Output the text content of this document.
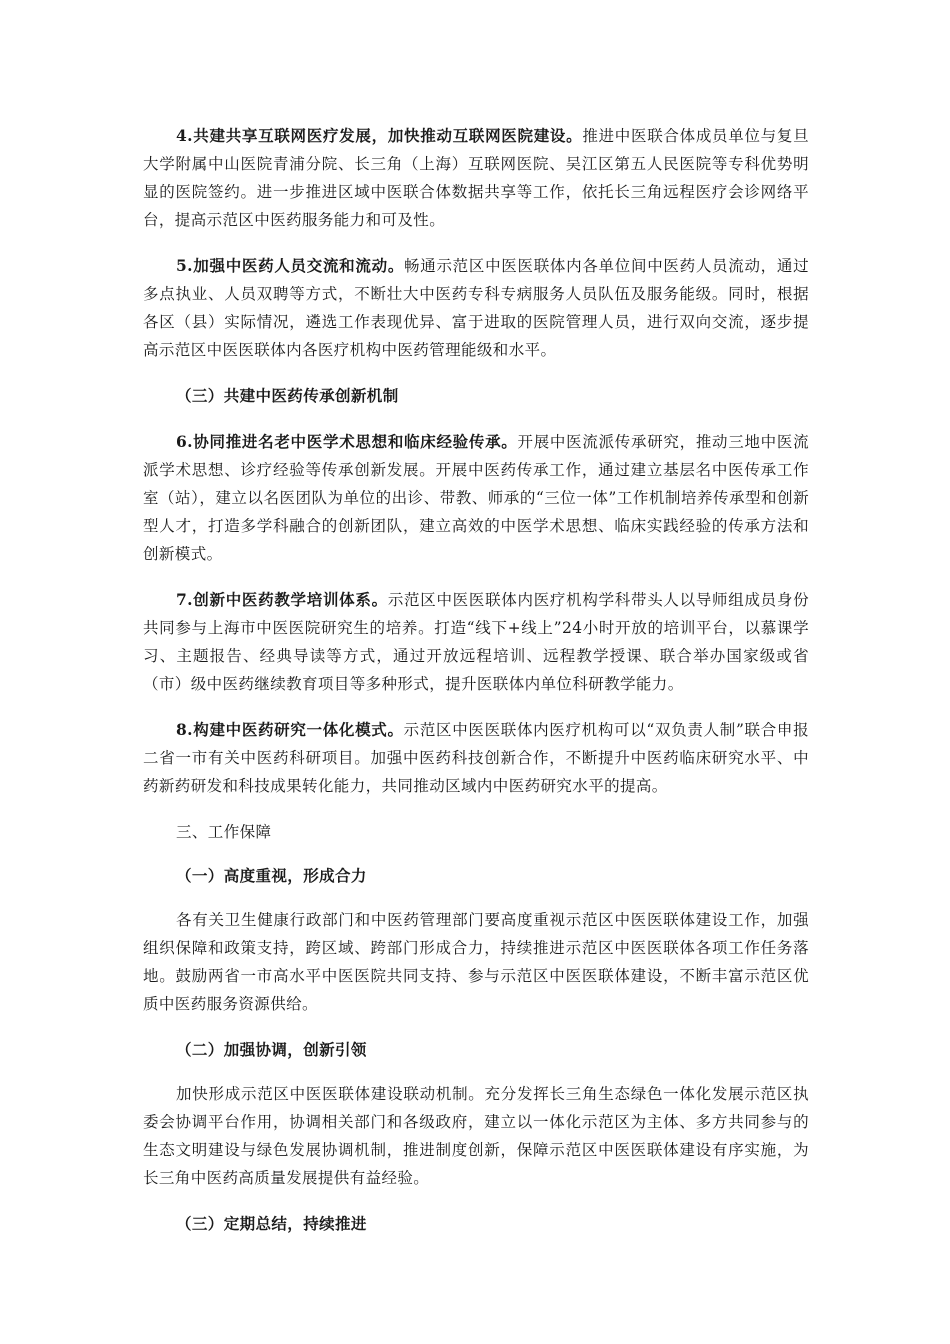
4.共建共享互联网医疗发展，加快推动互联网医院建设。推进中医联合体成员单位与复旦大学附属中山医院青浦分院、长三角（上海）互联网医院、吴江区第五人民医院等专科优势明显的医院签约。进一步推进区域中医联合体数据共享等工作，依托长三角远程医疗会诊网络平台，提高示范区中医药服务能力和可及性。

5.加强中医药人员交流和流动。畅通示范区中医医联体内各单位间中医药人员流动，通过多点执业、人员双聘等方式，不断壮大中医药专科专病服务人员队伍及服务能级。同时，根据各区（县）实际情况，遴选工作表现优异、富于进取的医院管理人员，进行双向交流，逐步提高示范区中医医联体内各医疗机构中医药管理能级和水平。

（三）共建中医药传承创新机制

6.协同推进名老中医学术思想和临床经验传承。开展中医流派传承研究，推动三地中医流派学术思想、诊疗经验等传承创新发展。开展中医药传承工作，通过建立基层名中医传承工作室（站），建立以名医团队为单位的出诊、带教、师承的“三位一体”工作机制培养传承型和创新型人才，打造多学科融合的创新团队，建立高效的中医学术思想、临床实践经验的传承方法和创新模式。

7.创新中医药教学培训体系。示范区中医医联体内医疗机构学科带头人以导师组成员身份共同参与上海市中医医院研究生的培养。打造“线下+线上”24小时开放的培训平台，以慕课学习、主题报告、经典导读等方式，通过开放远程培训、远程教学授课、联合举办国家级或省（市）级中医药继续教育项目等多种形式，提升医联体内单位科研教学能力。

8.构建中医药研究一体化模式。示范区中医医联体内医疗机构可以“双负责人制”联合申报二省一市有关中医药科研项目。加强中医药科技创新合作，不断提升中医药临床研究水平、中药新药研发和科技成果转化能力，共同推动区域内中医药研究水平的提高。

三、工作保障
（一）高度重视，形成合力

各有关卫生健康行政部门和中医药管理部门要高度重视示范区中医医联体建设工作，加强组织保障和政策支持，跨区域、跨部门形成合力，持续推进示范区中医医联体各项工作任务落地。鼓励两省一市高水平中医医院共同支持、参与示范区中医医联体建设，不断丰富示范区优质中医药服务资源供给。

（二）加强协调，创新引领

加快形成示范区中医医联体建设联动机制。充分发挥长三角生态绿色一体化发展示范区执委会协调平台作用，协调相关部门和各级政府，建立以一体化示范区为主体、多方共同参与的生态文明建设与绿色发展协调机制，推进制度创新，保障示范区中医医联体建设有序实施，为长三角中医药高质量发展提供有益经验。

（三）定期总结，持续推进
